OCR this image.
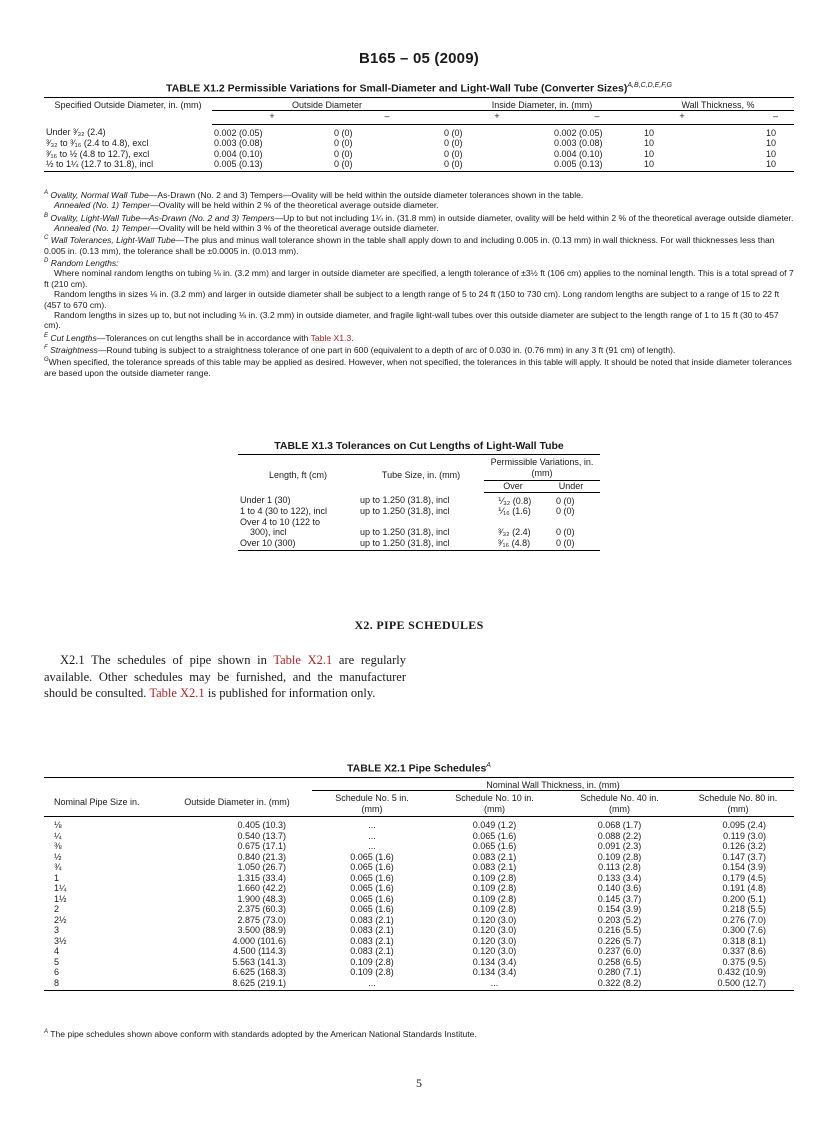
B165 – 05 (2009)
TABLE X1.2 Permissible Variations for Small-Diameter and Light-Wall Tube (Converter Sizes)$^{A,B,C,D,E,F,G}$
Specified Outside Diameter, in. (mm)	Outside Diameter		Inside Diameter, in. (mm)		Wall Thickness, %	
	+	–	+	–	+	–
Under ³⁄₃₂ (2.4)	0.002 (0.05)	0 (0)	0 (0)	0.002 (0.05)	10	10
³⁄₃₂ to ³⁄₁₆ (2.4 to 4.8), excl	0.003 (0.08)	0 (0)	0 (0)	0.003 (0.08)	10	10
³⁄₁₆ to ½ (4.8 to 12.7), excl	0.004 (0.10)	0 (0)	0 (0)	0.004 (0.10)	10	10
½ to 1¼ (12.7 to 31.8), incl	0.005 (0.13)	0 (0)	0 (0)	0.005 (0.13)	10	10

$^A$ Ovality, Normal Wall Tube—As-Drawn (No. 2 and 3) Tempers—Ovality will be held within the outside diameter tolerances shown in the table.

Annealed (No. 1) Temper—Ovality will be held within 2 % of the theoretical average outside diameter.

$^B$ Ovality, Light-Wall Tube—As-Drawn (No. 2 and 3) Tempers—Up to but not including 1¼ in. (31.8 mm) in outside diameter, ovality will be held within 2 % of the theoretical average outside diameter.

Annealed (No. 1) Temper—Ovality will be held within 3 % of the theoretical average outside diameter.

$^C$ Wall Tolerances, Light-Wall Tube—The plus and minus wall tolerance shown in the table shall apply down to and including 0.005 in. (0.13 mm) in wall thickness. For wall thicknesses less than 0.005 in. (0.13 mm), the tolerance shall be ±0.0005 in. (0.013 mm).

$^D$ Random Lengths:

Where nominal random lengths on tubing ⅛ in. (3.2 mm) and larger in outside diameter are specified, a length tolerance of ±3½ ft (106 cm) applies to the nominal length. This is a total spread of 7 ft (210 cm).

Random lengths in sizes ⅛ in. (3.2 mm) and larger in outside diameter shall be subject to a length range of 5 to 24 ft (150 to 730 cm). Long random lengths are subject to a range of 15 to 22 ft (457 to 670 cm).

Random lengths in sizes up to, but not including ⅛ in. (3.2 mm) in outside diameter, and fragile light-wall tubes over this outside diameter are subject to the length range of 1 to 15 ft (30 to 457 cm).

$^E$ Cut Lengths—Tolerances on cut lengths shall be in accordance with Table X1.3.

$^F$ Straightness—Round tubing is subject to a straightness tolerance of one part in 600 (equivalent to a depth of arc of 0.030 in. (0.76 mm) in any 3 ft (91 cm) of length).

$^G$When specified, the tolerance spreads of this table may be applied as desired. However, when not specified, the tolerances in this table will apply. It should be noted that inside diameter tolerances are based upon the outside diameter range.

TABLE X1.3 Tolerances on Cut Lengths of Light-Wall Tube
Length, ft (cm)	Tube Size, in. (mm)	Permissible Variations, in. (mm)	
		Over	Under
Under 1 (30)	up to 1.250 (31.8), incl	⅟₃₂ (0.8)	0 (0)
1 to 4 (30 to 122), incl	up to 1.250 (31.8), incl	⅟₁₆ (1.6)	0 (0)
Over 4 to 10 (122 to			
300), incl	up to 1.250 (31.8), incl	³⁄₃₂ (2.4)	0 (0)
Over 10 (300)	up to 1.250 (31.8), incl	³⁄₁₆ (4.8)	0 (0)
X2. PIPE SCHEDULES
X2.1 The schedules of pipe shown in Table X2.1 are regularly available. Other schedules may be furnished, and the manufacturer should be consulted. Table X2.1 is published for information only.
TABLE X2.1 Pipe Schedules$^A$
		Nominal Wall Thickness, in. (mm)			
Nominal Pipe Size in.	Outside Diameter in. (mm)	Schedule No. 5 in. (mm)	Schedule No. 10 in. (mm)	Schedule No. 40 in. (mm)	Schedule No. 80 in. (mm)
⅛	0.405 (10.3)	...	0.049 (1.2)	0.068 (1.7)	0.095 (2.4)
¼	0.540 (13.7)	...	0.065 (1.6)	0.088 (2.2)	0.119 (3.0)
⅜	0.675 (17.1)	...	0.065 (1.6)	0.091 (2.3)	0.126 (3.2)
½	0.840 (21.3)	0.065 (1.6)	0.083 (2.1)	0.109 (2.8)	0.147 (3.7)
¾	1.050 (26.7)	0.065 (1.6)	0.083 (2.1)	0.113 (2.8)	0.154 (3.9)
1	1.315 (33.4)	0.065 (1.6)	0.109 (2.8)	0.133 (3.4)	0.179 (4.5)
1¼	1.660 (42.2)	0.065 (1.6)	0.109 (2.8)	0.140 (3.6)	0.191 (4.8)
1½	1.900 (48.3)	0.065 (1.6)	0.109 (2.8)	0.145 (3.7)	0.200 (5.1)
2	2.375 (60.3)	0.065 (1.6)	0.109 (2.8)	0.154 (3.9)	0.218 (5.5)
2½	2.875 (73.0)	0.083 (2.1)	0.120 (3.0)	0.203 (5.2)	0.276 (7.0)
3	3.500 (88.9)	0.083 (2.1)	0.120 (3.0)	0.216 (5.5)	0.300 (7.6)
3½	4.000 (101.6)	0.083 (2.1)	0.120 (3.0)	0.226 (5.7)	0.318 (8.1)
4	4.500 (114.3)	0.083 (2.1)	0.120 (3.0)	0.237 (6.0)	0.337 (8.6)
5	5.563 (141.3)	0.109 (2.8)	0.134 (3.4)	0.258 (6.5)	0.375 (9.5)
6	6.625 (168.3)	0.109 (2.8)	0.134 (3.4)	0.280 (7.1)	0.432 (10.9)
8	8.625 (219.1)	...	...	0.322 (8.2)	0.500 (12.7)
$^A$ The pipe schedules shown above conform with standards adopted by the American National Standards Institute.
5
